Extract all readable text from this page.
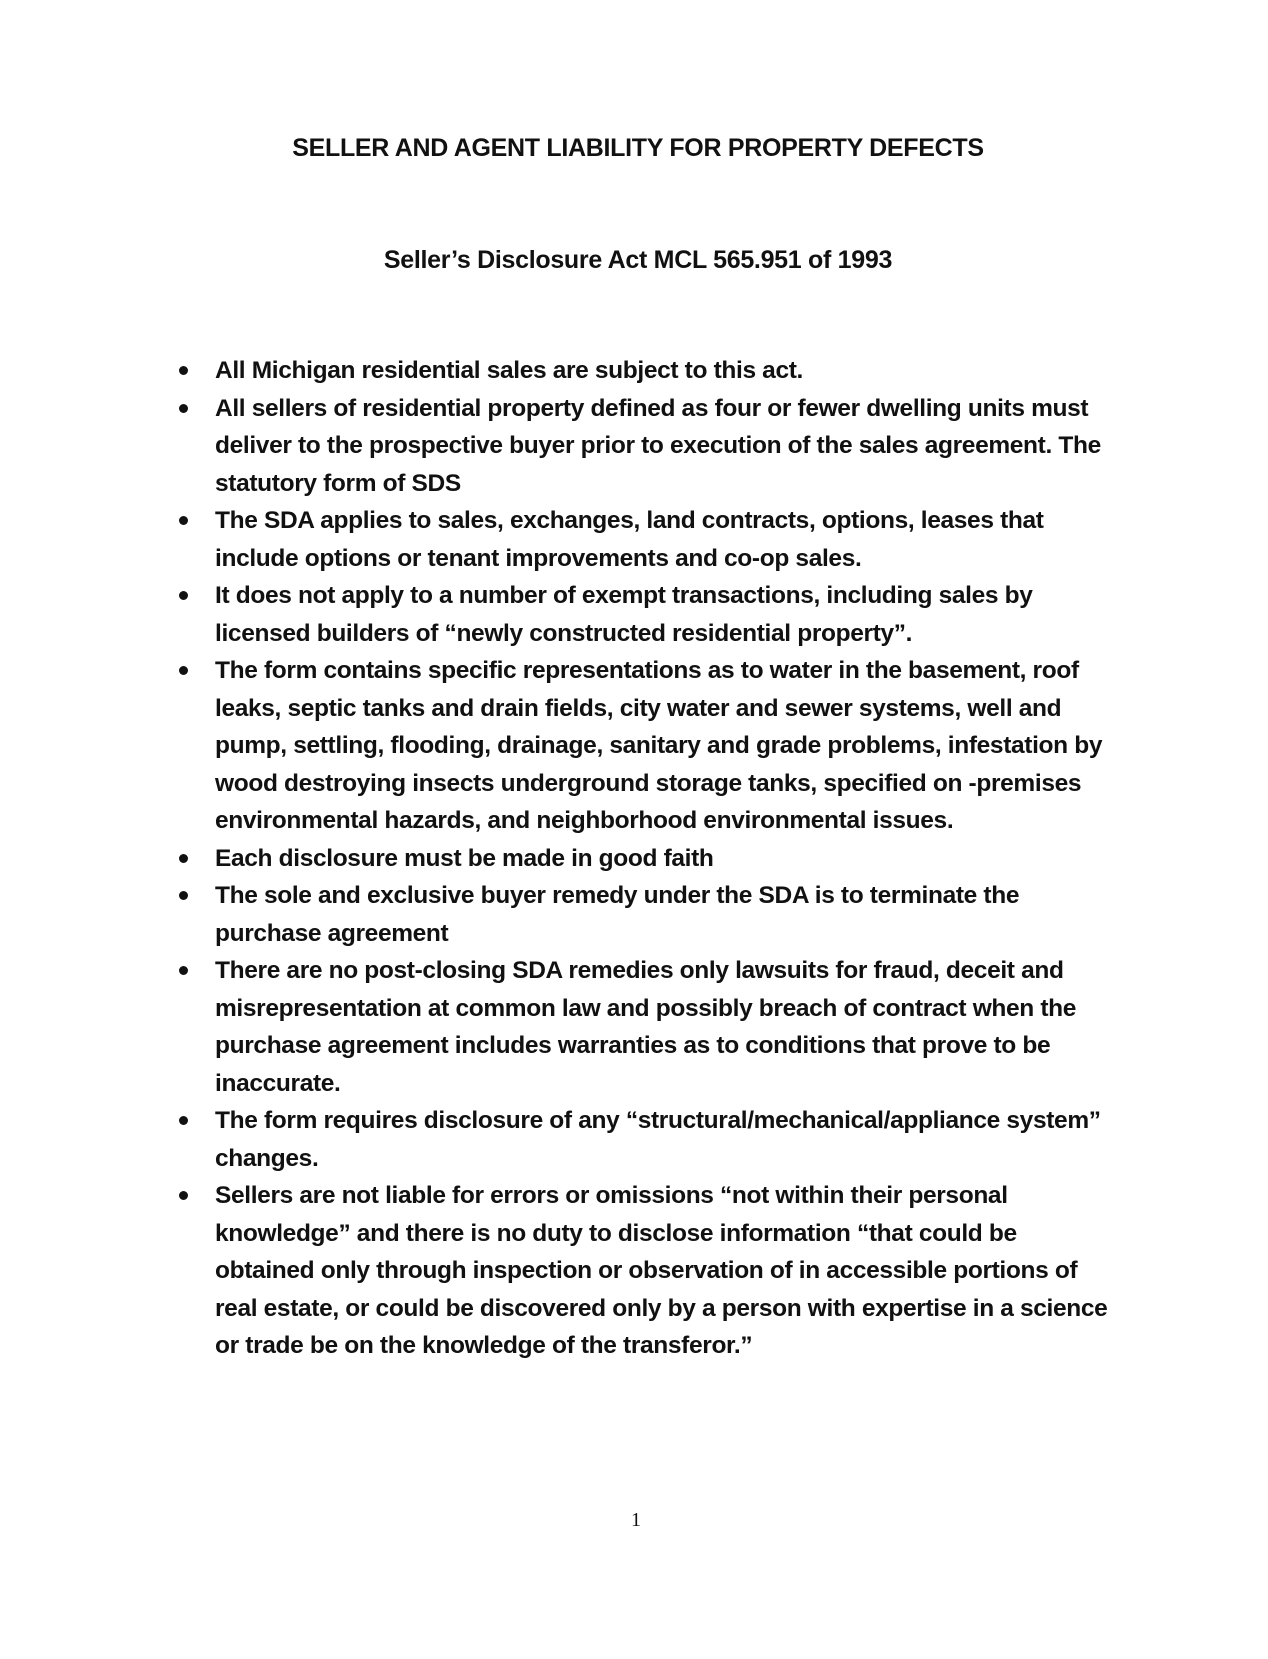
SELLER AND AGENT LIABILITY FOR PROPERTY DEFECTS
Seller’s Disclosure Act MCL 565.951 of 1993
All Michigan residential sales are subject to this act.
All sellers of residential property defined as four or fewer dwelling units must deliver to the prospective buyer prior to execution of the sales agreement. The statutory form of SDS
The SDA applies to sales, exchanges, land contracts, options, leases that include options or tenant improvements and co-op sales.
It does not apply to a number of exempt transactions, including sales by licensed builders of “newly constructed residential property”.
The form contains specific representations as to water in the basement, roof leaks, septic tanks and drain fields, city water and sewer systems, well and pump, settling, flooding, drainage, sanitary and grade problems, infestation by wood destroying insects underground storage tanks, specified on -premises environmental hazards, and neighborhood environmental issues.
Each disclosure must be made in good faith
The sole and exclusive buyer remedy under the SDA is to terminate the purchase agreement
There are no post-closing SDA remedies only lawsuits for fraud, deceit and misrepresentation at common law and possibly breach of contract when the purchase agreement includes warranties as to conditions that prove to be inaccurate.
The form requires disclosure of any “structural/mechanical/appliance system” changes.
Sellers are not liable for errors or omissions “not within their personal knowledge” and there is no duty to disclose information “that could be obtained only through inspection or observation of in accessible portions of real estate, or could be discovered only by a person with expertise in a science or trade be on the knowledge of the transferor.”
1
